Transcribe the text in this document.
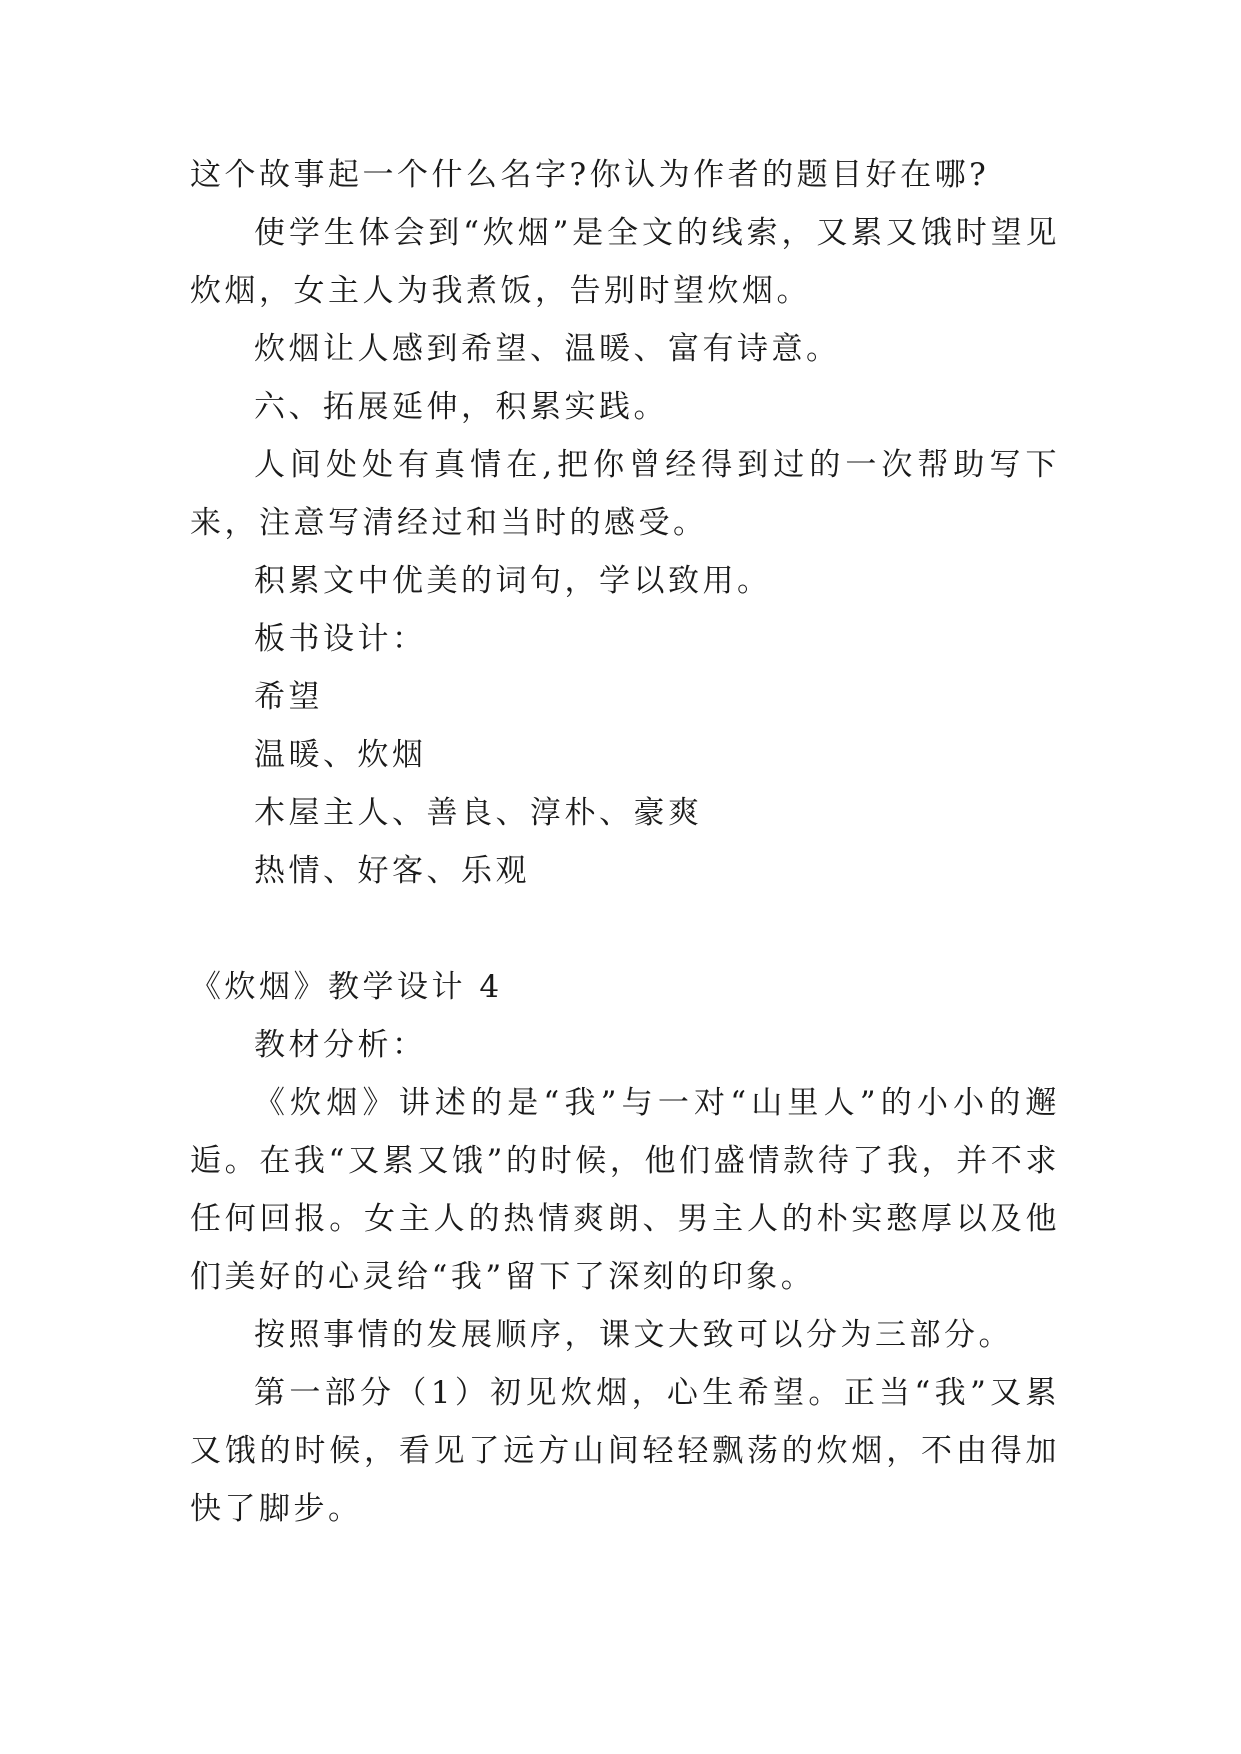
这个故事起一个什么名字?你认为作者的题目好在哪?

使学生体会到“炊烟”是全文的线索，又累又饿时望见炊烟，女主人为我煮饭，告别时望炊烟。

炊烟让人感到希望、温暖、富有诗意。

六、拓展延伸，积累实践。

人间处处有真情在,把你曾经得到过的一次帮助写下来，注意写清经过和当时的感受。

积累文中优美的词句，学以致用。

板书设计：

希望

温暖、炊烟

木屋主人、善良、淳朴、豪爽

热情、好客、乐观

《炊烟》教学设计 4

教材分析：

《炊烟》讲述的是“我”与一对“山里人”的小小的邂逅。在我“又累又饿”的时候，他们盛情款待了我，并不求任何回报。女主人的热情爽朗、男主人的朴实憨厚以及他们美好的心灵给“我”留下了深刻的印象。

按照事情的发展顺序，课文大致可以分为三部分。

第一部分（1）初见炊烟，心生希望。正当“我”又累又饿的时候，看见了远方山间轻轻飘荡的炊烟，不由得加快了脚步。
